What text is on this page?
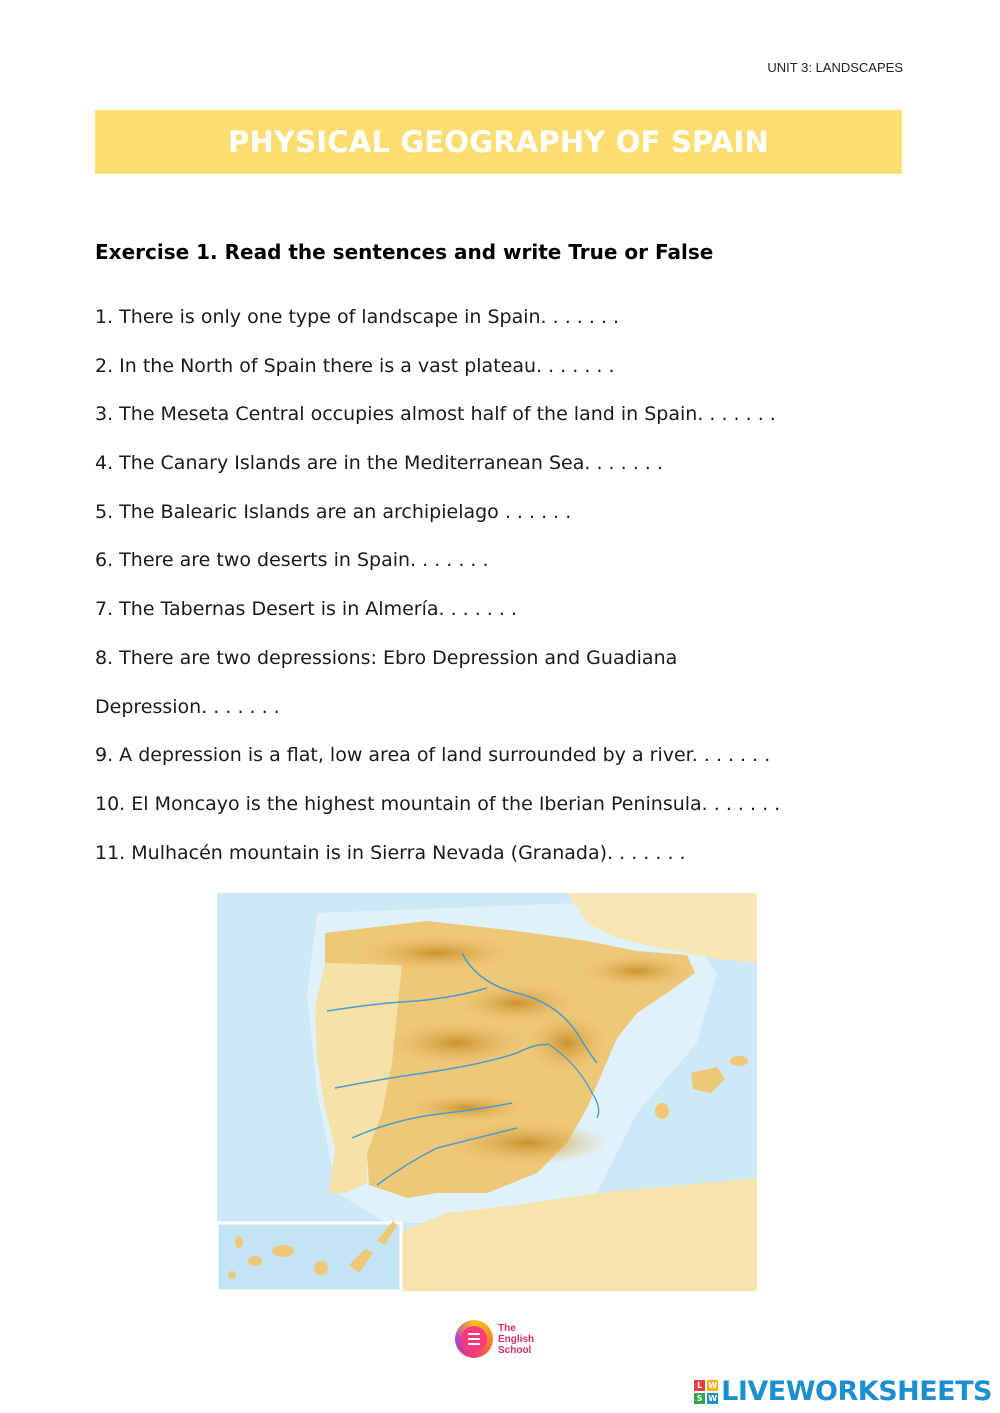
UNIT 3: LANDSCAPES
PHYSICAL GEOGRAPHY OF SPAIN
Exercise 1. Read the sentences and write True or False
1. There is only one type of landscape in Spain. . . . . . .
2. In the North of Spain there is a vast plateau. . . . . . .
3. The Meseta Central occupies almost half of the land in Spain. . . . . . .
4. The Canary Islands are in the Mediterranean Sea. . . . . . .
5. The Balearic Islands are an archipielago . . . . . .
6. There are two deserts in Spain. . . . . . .
7. The Tabernas Desert is in Almería. . . . . . .
8. There are two depressions: Ebro Depression and Guadiana
Depression. . . . . . .
9. A depression is a flat, low area of land surrounded by a river. . . . . . .
10. El Moncayo is the highest mountain of the Iberian Peninsula. . . . . . .
11. Mulhacén mountain is in Sierra Nevada (Granada). . . . . . .
The
English
School
L W
S W LIVEWORKSHEETS
